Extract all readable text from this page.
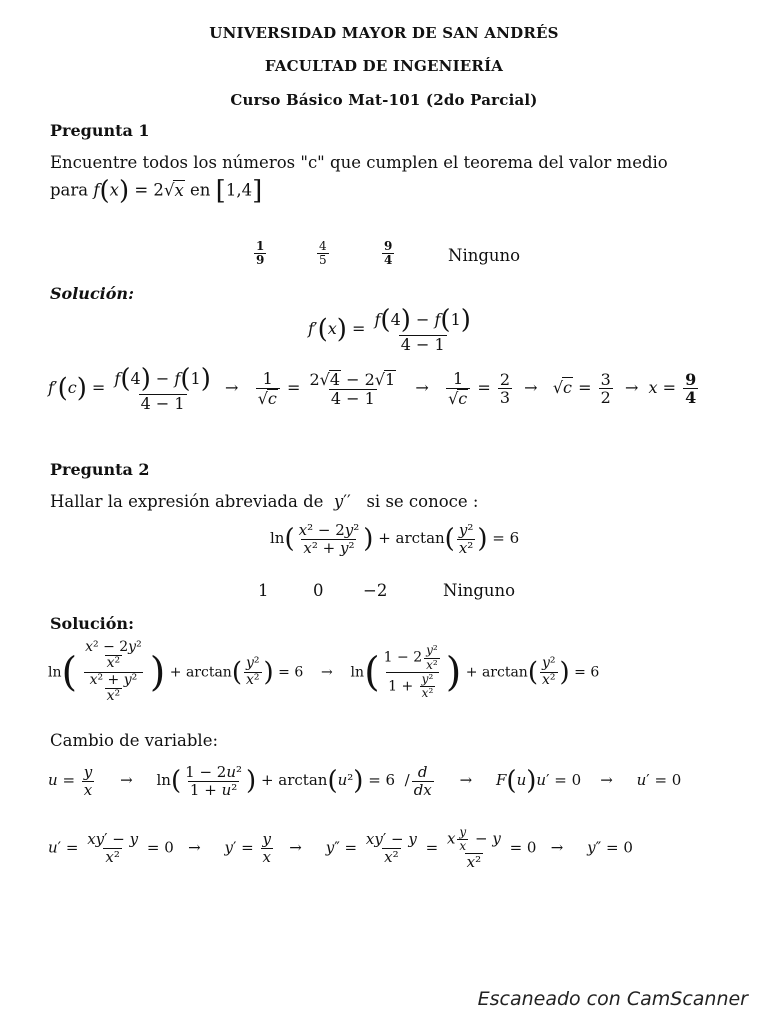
UNIVERSIDAD MAYOR DE SAN ANDRÉS
FACULTAD DE INGENIERÍA
Curso Básico Mat-101 (2do Parcial)
Pregunta 1
Encuentre todos los números "c" que cumplen el teorema del valor medio
para f(x) = 2√x en [1,4]
$\frac{1}{9}$	$\frac{4}{5}$	$\frac{9}{4}$	Ninguno
Solución:
$f'(x) = \frac{f(4) - f(1)}{4 - 1}$
$f'(c) = \frac{f(4) - f(1)}{4 - 1} \to \frac{1}{√c} = \frac{2√4 - 2√1}{4 - 1} \to \frac{1}{√c} = \frac{2}{3} \to √c = \frac{3}{2} \to x = \frac{9}{4}$
Pregunta 2
Hallar la expresión abreviada de y′′   si se conoce :
$\ln( \frac{\text{x² − 2y²}}{\text{x² + y²}}$ ) + $\arctan( \frac{\text{y²}}{\text{x²}}$ ) = 6
1	0 −2	Ninguno
Solución:
$\ln( \frac{\frac{\text{x² − 2y²}}{\text{x²}}}{\frac{\text{x² + y²}}{\text{x²}}}$ ) + $\arctan( \frac{\text{y²}}{\text{x²}}$ ) = 6    →    $\ln( \frac{1 - 2 \frac{\text{y²}}{\text{x²}}}{1 + \frac{\text{y²}}{\text{x²}}}$ ) + $\arctan( \frac{\text{y²}}{\text{x²}}$ ) = 6
Cambio de variable:
$u = \frac{y}{x}$ →     $\ln( \frac{\text{1 − 2u²}}{\text{1 + u²}}$ ) + $\arctan(u^2) = 6 / \frac{d}{dx}$ →     F(u)u′ = 0    →     u′ = 0
$u' = \frac{xy' - y}{\text{x²}} = 0$   →     $y' = \frac{y}{x}$ →     $y'' = \frac{xy' - y}{\text{x²}} = \frac{x \frac{y}{x} - y}{\text{x²}} = 0$   →     y″ = 0
Escaneado con CamScanner
